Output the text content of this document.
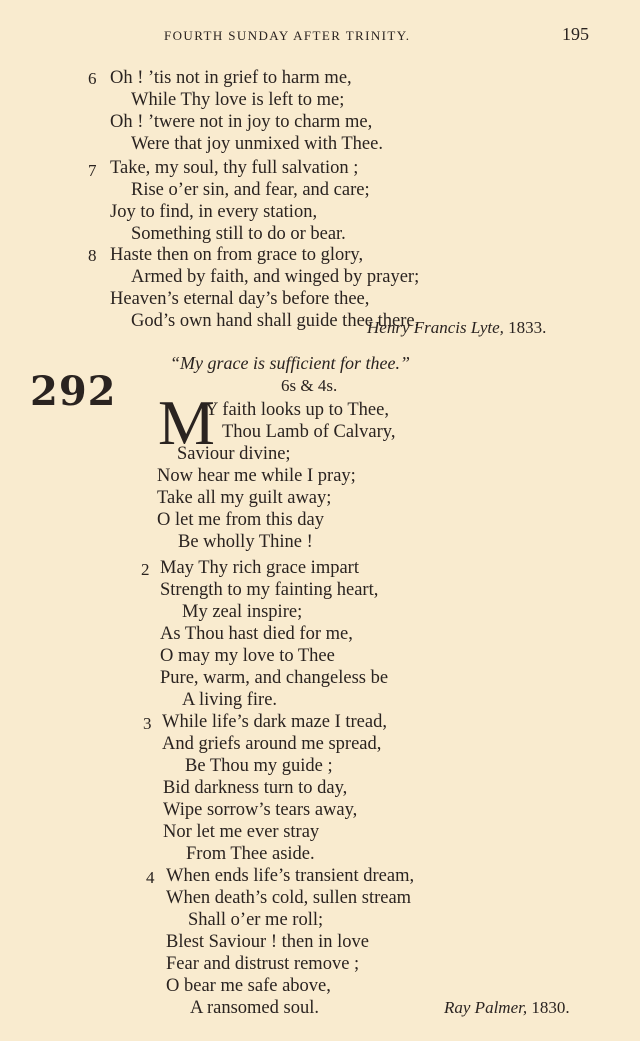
FOURTH SUNDAY AFTER TRINITY.	195
6 Oh ! ’tis not in grief to harm me,
While Thy love is left to me;
Oh ! ’twere not in joy to charm me,
Were that joy unmixed with Thee.
7 Take, my soul, thy full salvation ;
Rise o’er sin, and fear, and care;
Joy to find, in every station,
Something still to do or bear.
8 Haste then on from grace to glory,
Armed by faith, and winged by prayer;
Heaven’s eternal day’s before thee,
God’s own hand shall guide thee there.
Henry Francis Lyte, 1833.
292
“My grace is sufficient for thee.”
6s & 4s.
M
Y faith looks up to Thee,
Thou Lamb of Calvary,
Saviour divine;
Now hear me while I pray;
Take all my guilt away;
O let me from this day
Be wholly Thine !
2 May Thy rich grace impart
Strength to my fainting heart,
My zeal inspire;
As Thou hast died for me,
O may my love to Thee
Pure, warm, and changeless be
A living fire.
3 While life’s dark maze I tread,
And griefs around me spread,
Be Thou my guide ;
Bid darkness turn to day,
Wipe sorrow’s tears away,
Nor let me ever stray
From Thee aside.
4 When ends life’s transient dream,
When death’s cold, sullen stream
Shall o’er me roll;
Blest Saviour ! then in love
Fear and distrust remove ;
O bear me safe above,
A ransomed soul.	Ray Palmer, 1830.
